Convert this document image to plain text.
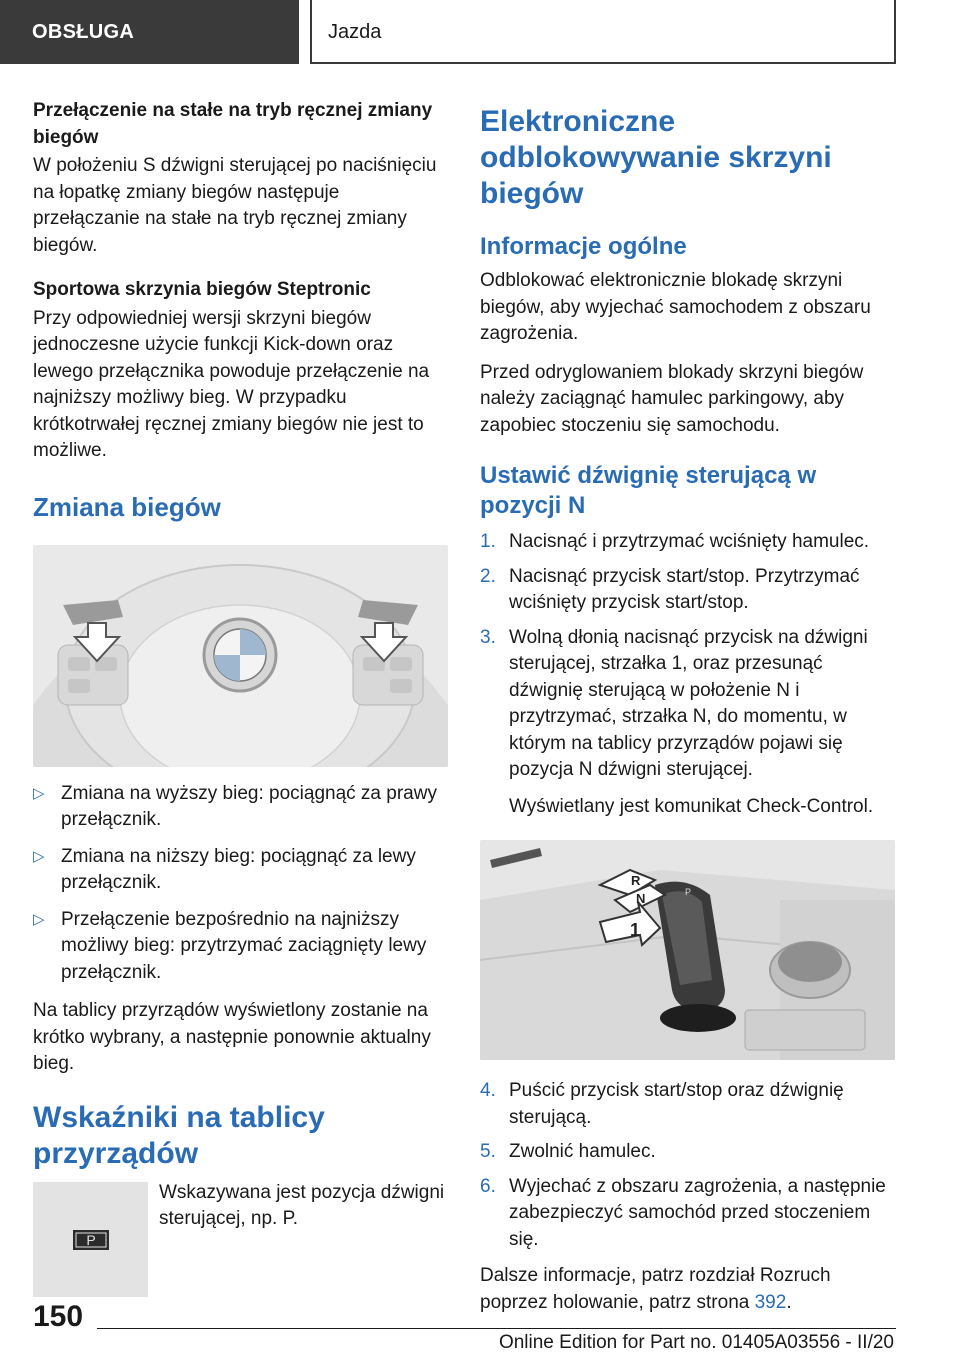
OBSŁUGA	Jazda
Przełączenie na stałe na tryb ręcznej zmiany biegów

W położeniu S dźwigni sterującej po naciśnięciu na łopatkę zmiany biegów następuje przełączanie na stałe na tryb ręcznej zmiany biegów.

Sportowa skrzynia biegów Steptronic

Przy odpowiedniej wersji skrzyni biegów jednoczesne użycie funkcji Kick-down oraz lewego przełącznika powoduje przełączenie na najniższy możliwy bieg. W przypadku krótkotrwałej ręcznej zmiany biegów nie jest to możliwe.

Zmiana biegów
▷ Zmiana na wyższy bieg: pociągnąć za prawy przełącznik.
▷ Zmiana na niższy bieg: pociągnąć za lewy przełącznik.
▷ Przełączenie bezpośrednio na najniższy możliwy bieg: przytrzymać zaciągnięty lewy przełącznik.

Na tablicy przyrządów wyświetlony zostanie na krótko wybrany, a następnie ponownie aktualny bieg.

Wskaźniki na tablicy przyrządów
P
Wskazywana jest pozycja dźwigni sterującej, np. P.
Elektroniczne odblokowywanie skrzyni biegów
Informacje ogólne

Odblokować elektronicznie blokadę skrzyni biegów, aby wyjechać samochodem z obszaru zagrożenia.

Przed odryglowaniem blokady skrzyni biegów należy zaciągnąć hamulec parkingowy, aby zapobiec stoczeniu się samochodu.

Ustawić dźwignię sterującą w pozycji N
1. Nacisnąć i przytrzymać wciśnięty hamulec.
2. Nacisnąć przycisk start/stop. Przytrzymać wciśnięty przycisk start/stop.
3. Wolną dłonią nacisnąć przycisk na dźwigni sterującej, strzałka 1, oraz przesunąć dźwignię sterującą w położenie N i przytrzymać, strzałka N, do momentu, w którym na tablicy przyrządów pojawi się pozycja N dźwigni sterującej.
Wyświetlany jest komunikat Check-Control.
R
N
1
P
4. Puścić przycisk start/stop oraz dźwignię sterującą.
5. Zwolnić hamulec.
6. Wyjechać z obszaru zagrożenia, a następnie zabezpieczyć samochód przed stoczeniem się.

Dalsze informacje, patrz rozdział Rozruch poprzez holowanie, patrz strona 392.

150
Online Edition for Part no. 01405A03556 - II/20
